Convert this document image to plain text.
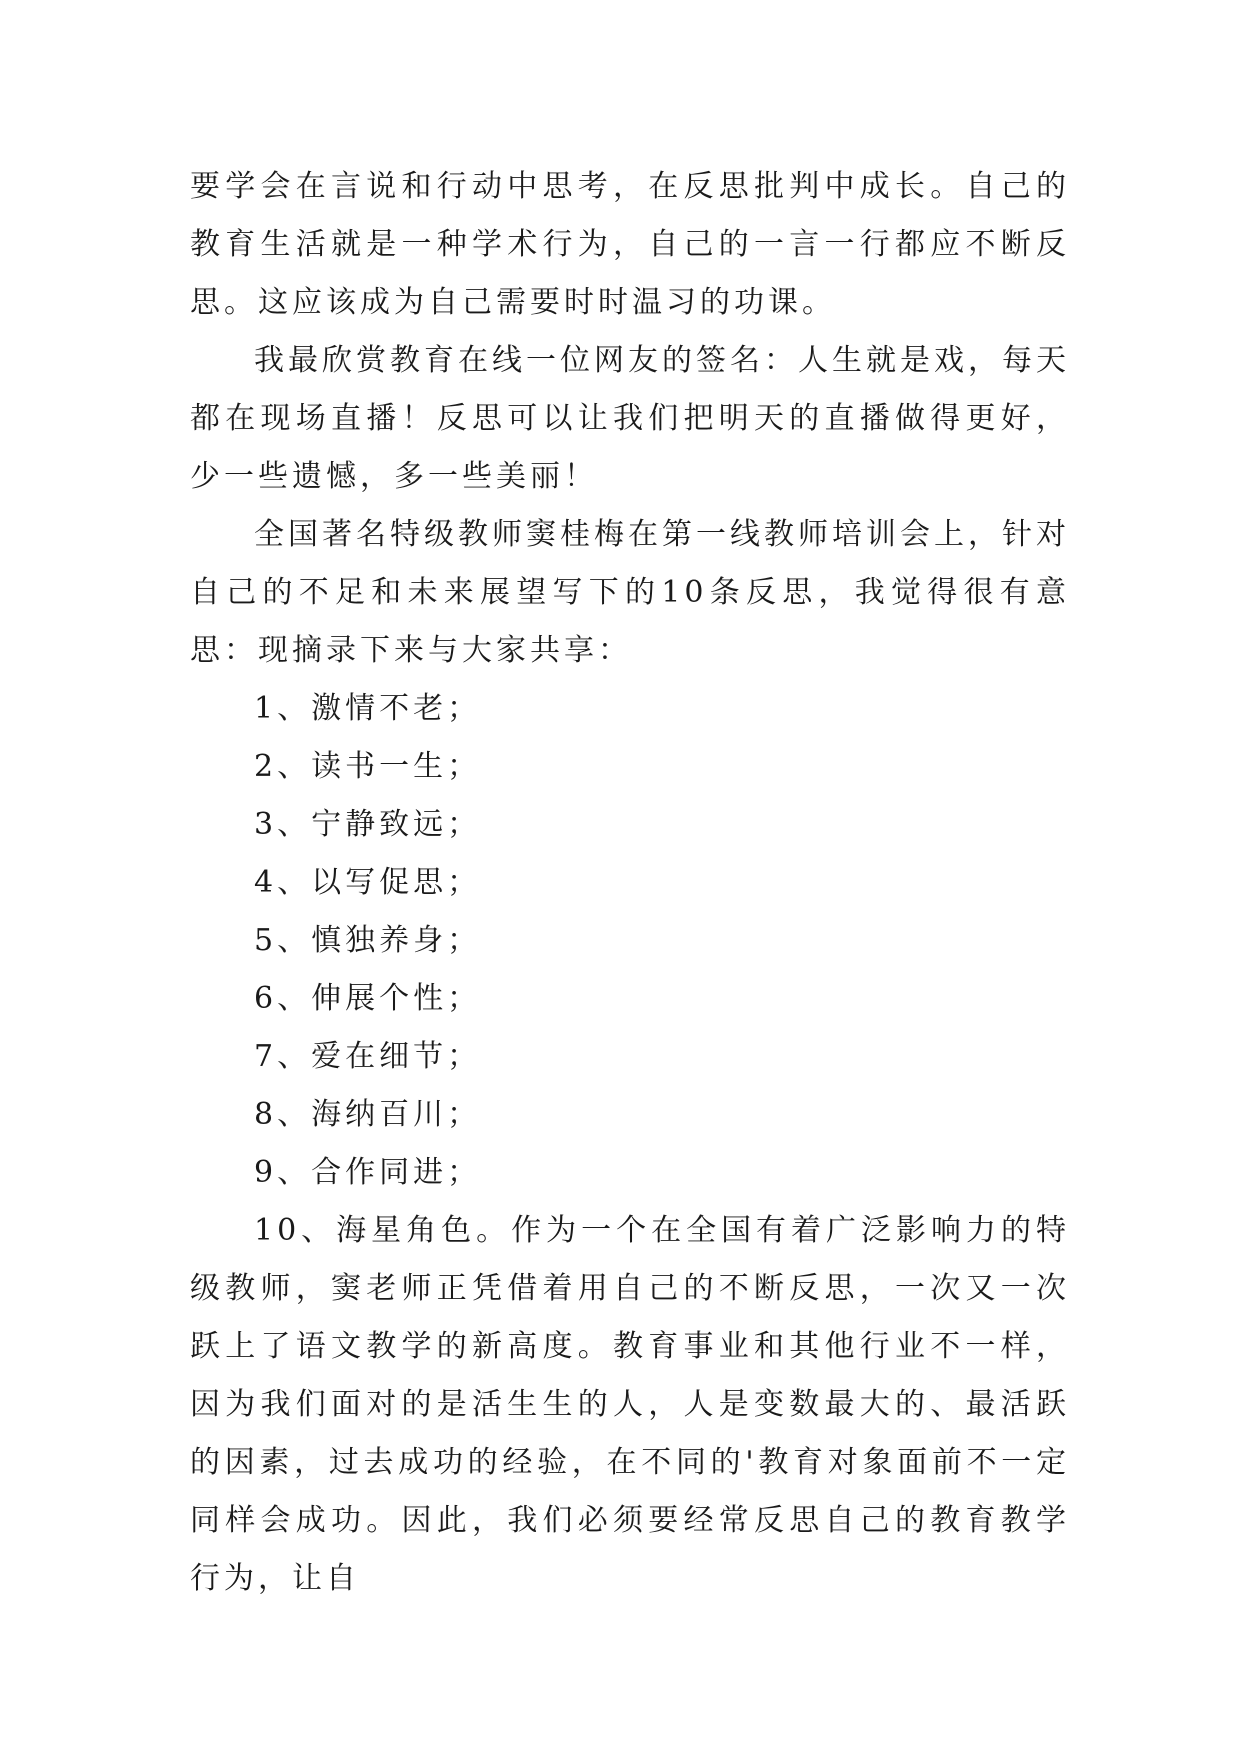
要学会在言说和行动中思考，在反思批判中成长。自己的教育生活就是一种学术行为，自己的一言一行都应不断反思。这应该成为自己需要时时温习的功课。

我最欣赏教育在线一位网友的签名：人生就是戏，每天都在现场直播！反思可以让我们把明天的直播做得更好，少一些遗憾，多一些美丽！

全国著名特级教师窦桂梅在第一线教师培训会上，针对自己的不足和未来展望写下的10条反思，我觉得很有意思：现摘录下来与大家共享：

1、激情不老；
2、读书一生；
3、宁静致远；
4、以写促思；
5、慎独养身；
6、伸展个性；
7、爱在细节；
8、海纳百川；
9、合作同进；

10、海星角色。作为一个在全国有着广泛影响力的特级教师，窦老师正凭借着用自己的不断反思，一次又一次跃上了语文教学的新高度。教育事业和其他行业不一样，因为我们面对的是活生生的人，人是变数最大的、最活跃的因素，过去成功的经验，在不同的'教育对象面前不一定同样会成功。因此，我们必须要经常反思自己的教育教学行为，让自
